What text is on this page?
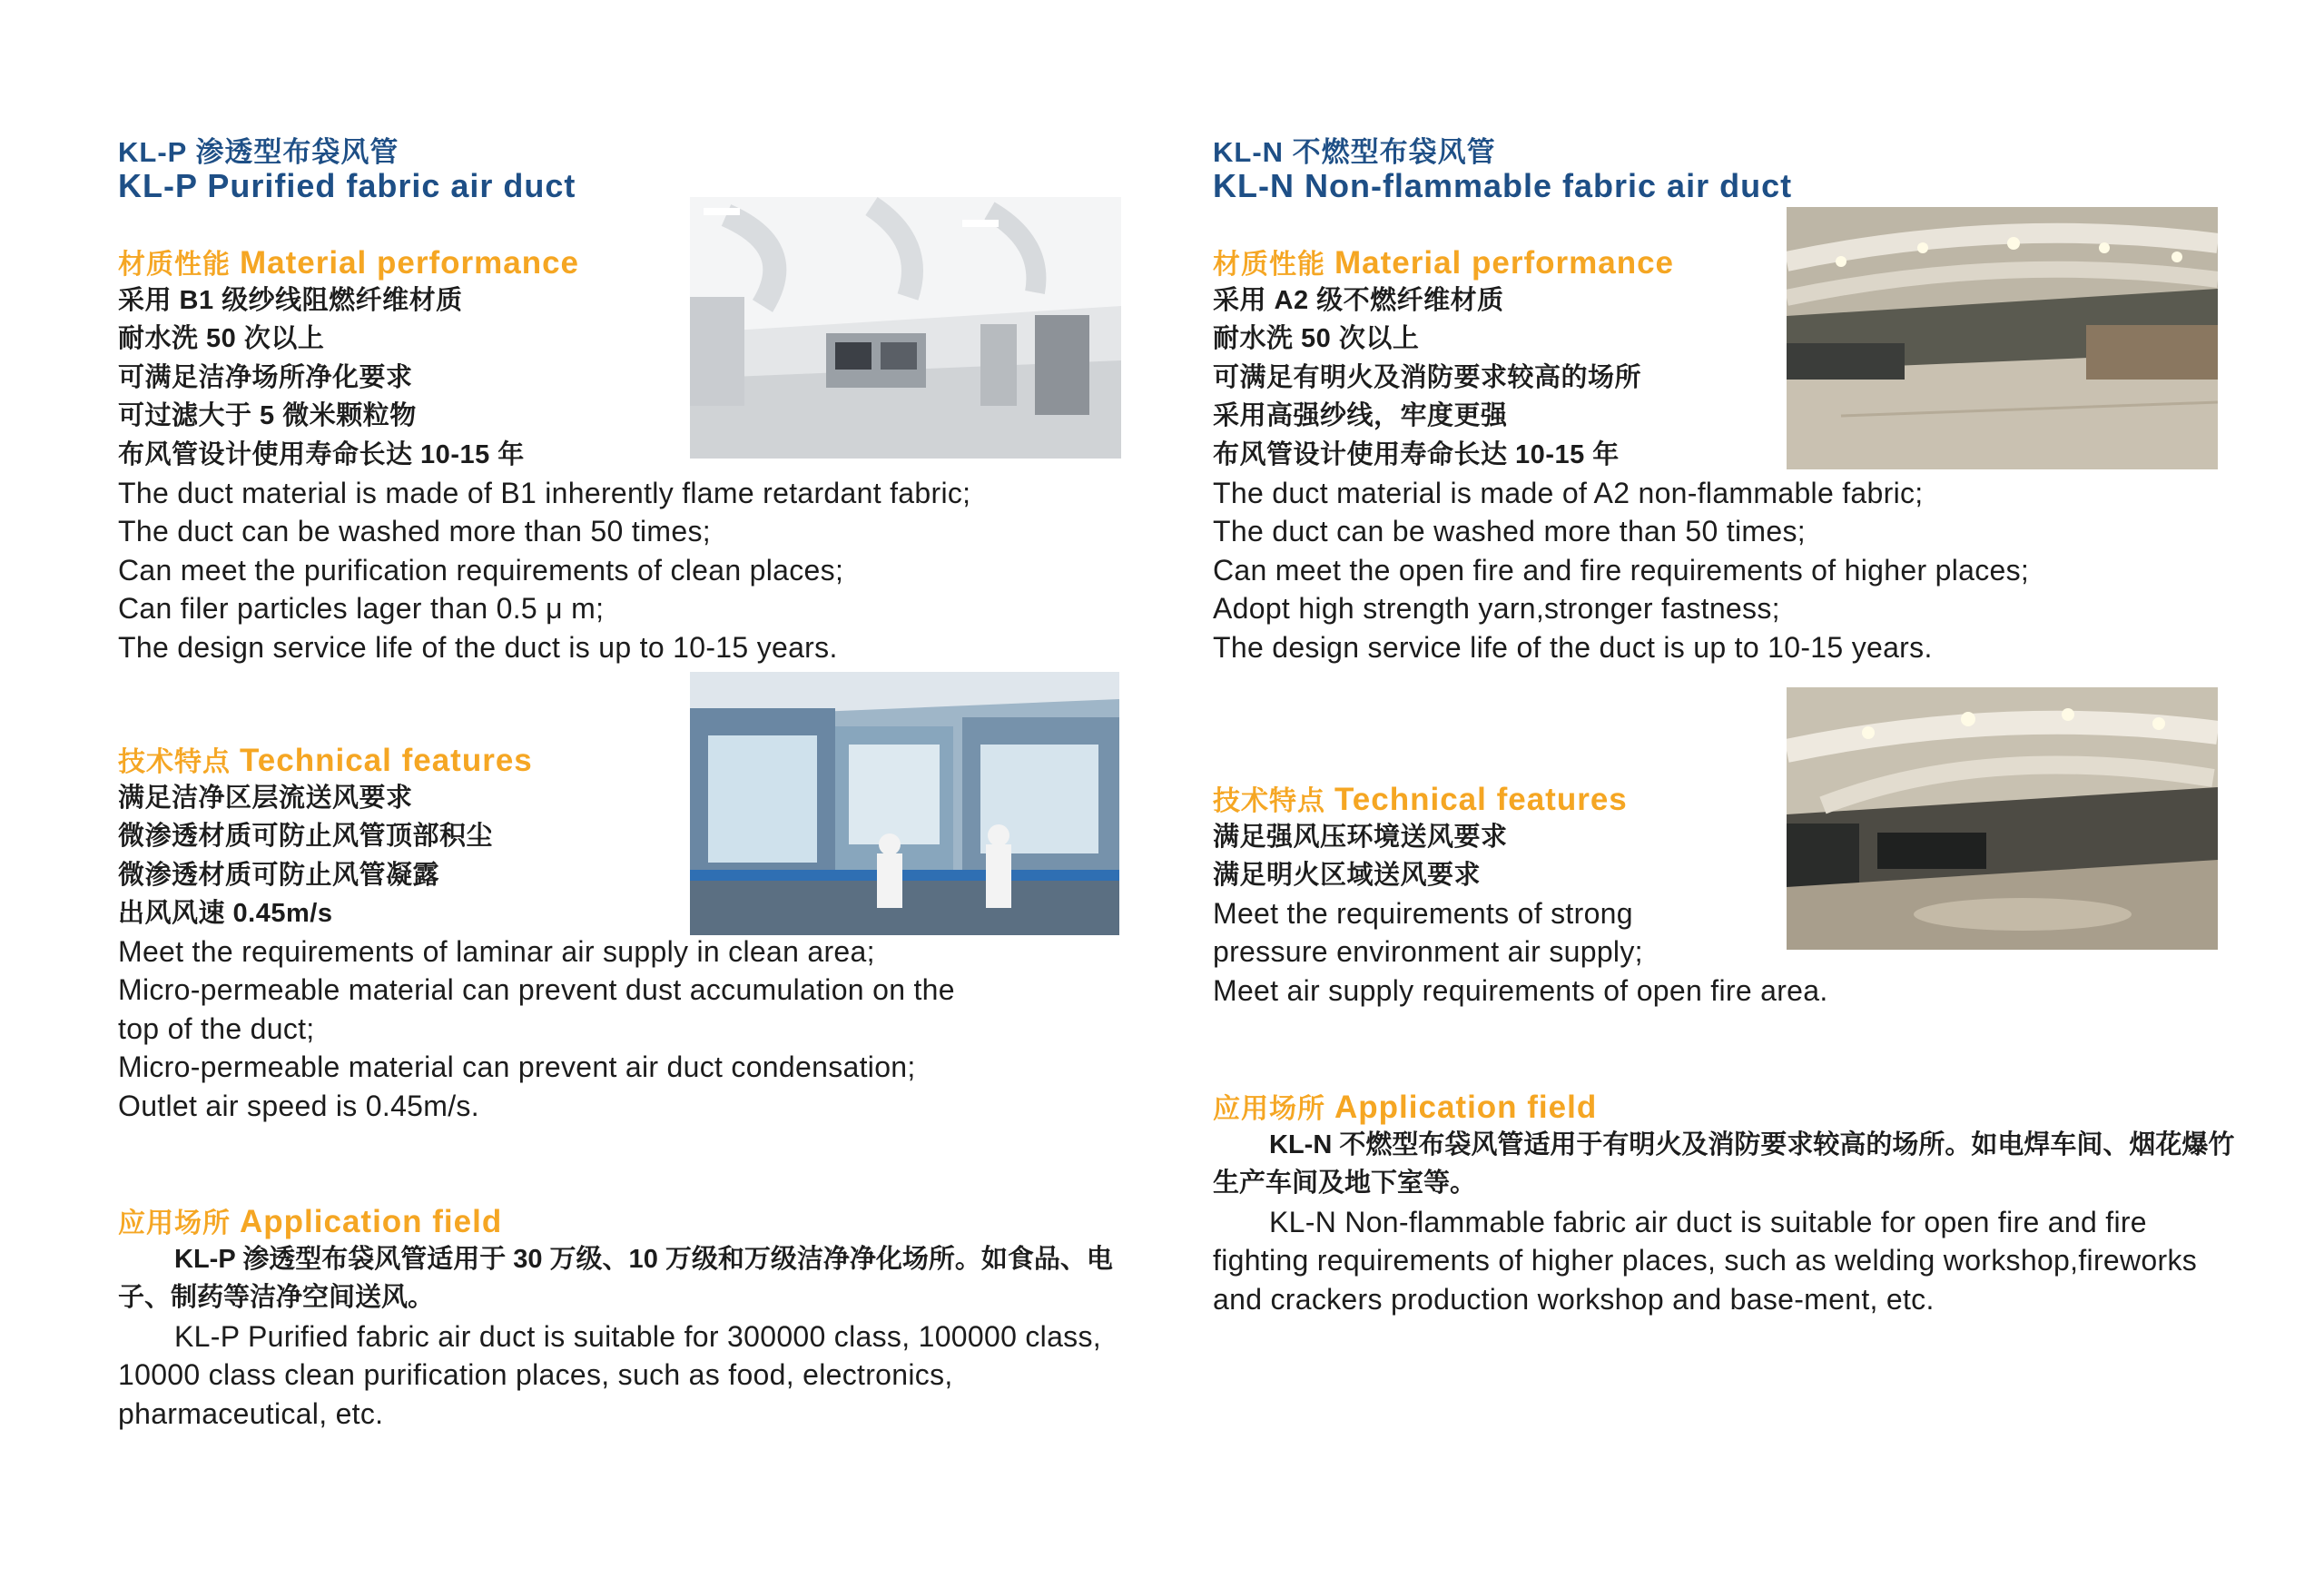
KL-P 渗透型布袋风管
KL-P Purified fabric air duct
材质性能 Material performance
采用 B1 级纱线阻燃纤维材质
耐水洗 50 次以上
可满足洁净场所净化要求
可过滤大于 5 微米颗粒物
布风管设计使用寿命长达 10-15 年
The duct material is made of B1 inherently flame retardant fabric;
The duct can be washed more than 50 times;
Can meet the purification requirements of clean places;
Can filer particles lager than 0.5 μ m;
The design service life of the duct is up to 10-15 years.
技术特点 Technical features
满足洁净区层流送风要求
微渗透材质可防止风管顶部积尘
微渗透材质可防止风管凝露
出风风速 0.45m/s
Meet the requirements of laminar air supply in clean area;
Micro-permeable material can prevent dust accumulation on the
top of the duct;
Micro-permeable material can prevent air duct condensation;
Outlet air speed is 0.45m/s.
应用场所 Application field

KL-P 渗透型布袋风管适用于 30 万级、10 万级和万级洁净净化场所。如食品、电子、制药等洁净空间送风。

KL-P Purified fabric air duct is suitable for 300000 class, 100000 class, 10000 class clean purification places, such as food, electronics, pharmaceutical, etc.

KL-N 不燃型布袋风管
KL-N Non-flammable fabric air duct
材质性能 Material performance
采用 A2 级不燃纤维材质
耐水洗 50 次以上
可满足有明火及消防要求较高的场所
采用高强纱线，牢度更强
布风管设计使用寿命长达 10-15 年
The duct material is made of A2 non-flammable fabric;
The duct can be washed more than 50 times;
Can meet the open fire and fire requirements of higher places;
Adopt high strength yarn,stronger fastness;
The design service life of the duct is up to 10-15 years.
技术特点 Technical features
满足强风压环境送风要求
满足明火区域送风要求
Meet the requirements of strong
pressure environment air supply;
Meet air supply requirements of open fire area.
应用场所 Application field

KL-N 不燃型布袋风管适用于有明火及消防要求较高的场所。如电焊车间、烟花爆竹生产车间及地下室等。

KL-N Non-flammable fabric air duct is suitable for open fire and fire fighting requirements of higher places, such as welding workshop,fireworks and crackers production workshop and base-ment, etc.
